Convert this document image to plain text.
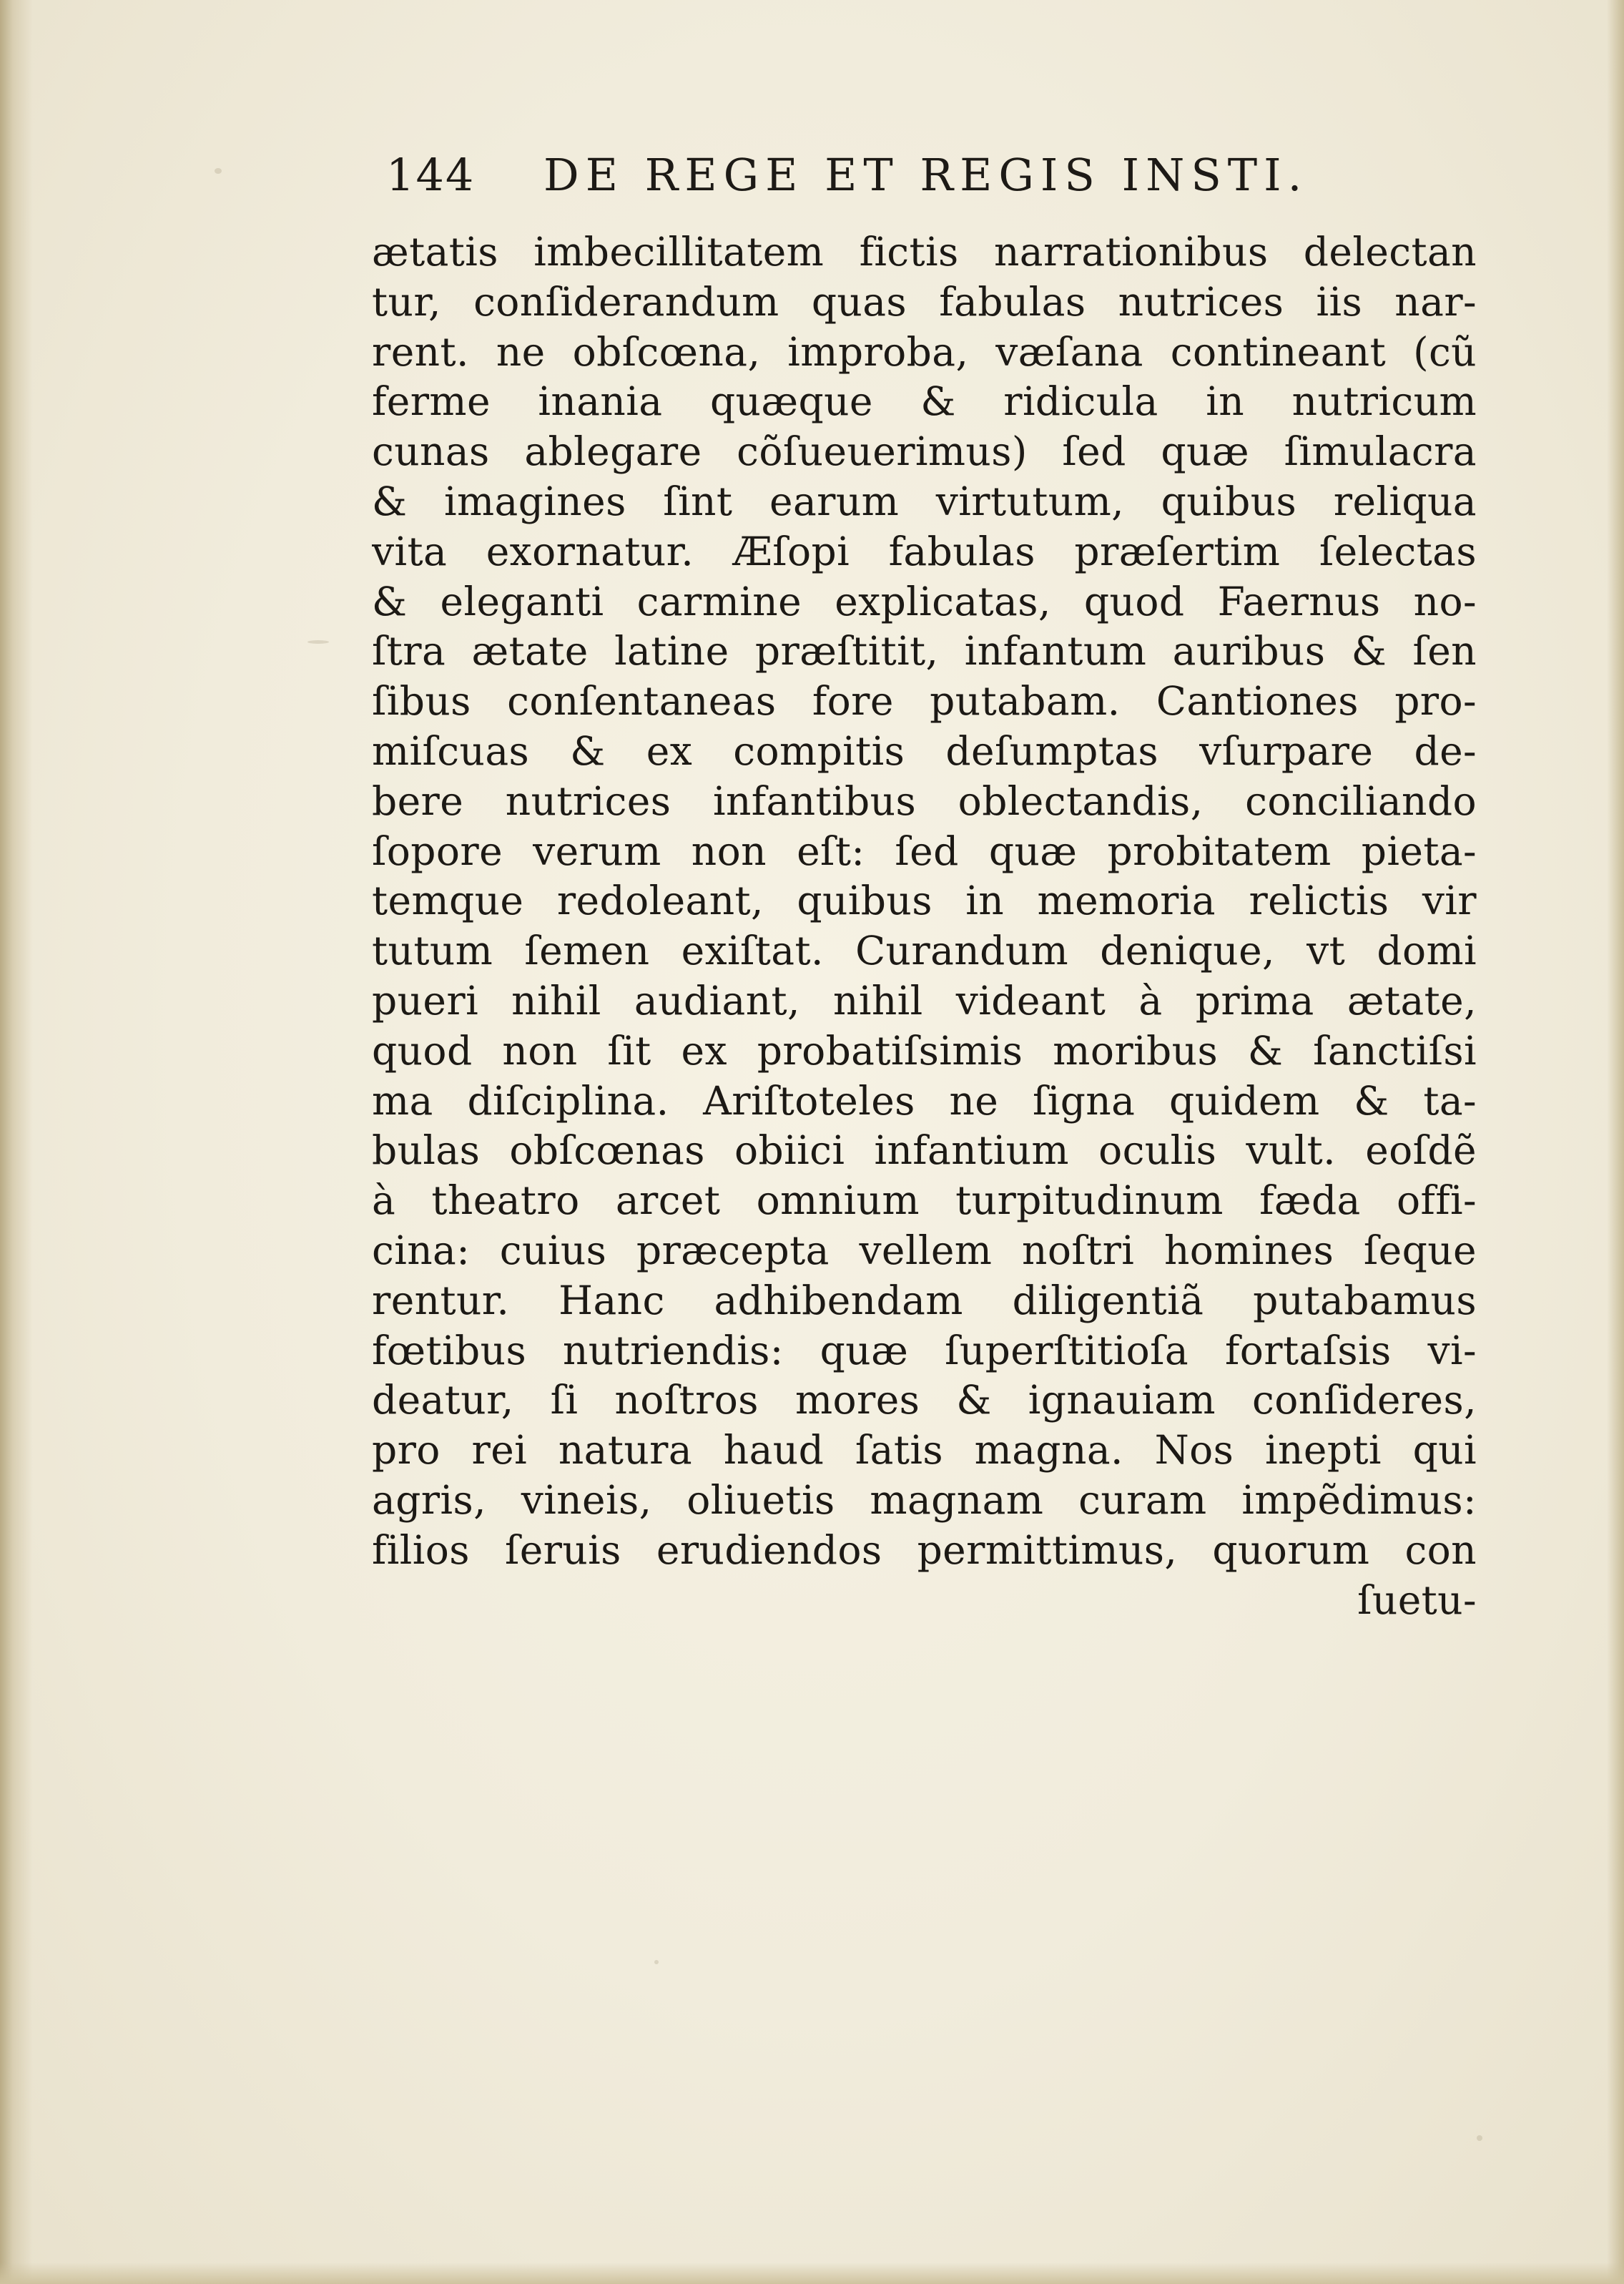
144 DE REGE ET REGIS INSTI.
ætatis imbecillitatem fictis narrationibus delectan
tur, conſiderandum quas fabulas nutrices iis nar-
rent. ne obſcœna, improba, væſana contineant (cũ
ferme inania quæque & ridicula in nutricum
cunas ablegare cõſueuerimus) ſed quæ ſimulacra
& imagines ſint earum virtutum, quibus reliqua
vita exornatur. Æſopi fabulas præſertim ſelectas
& eleganti carmine explicatas, quod Faernus no-
ſtra ætate latine præſtitit, infantum auribus & ſen
ſibus conſentaneas fore putabam. Cantiones pro-
miſcuas & ex compitis deſumptas vſurpare de-
bere nutrices infantibus oblectandis, conciliando
ſopore verum non eſt: ſed quæ probitatem pieta-
temque redoleant, quibus in memoria relictis vir
tutum ſemen exiſtat. Curandum denique, vt domi
pueri nihil audiant, nihil videant à prima ætate,
quod non ſit ex probatiſsimis moribus & ſanctiſsi
ma diſciplina. Ariſtoteles ne ſigna quidem & ta-
bulas obſcœnas obiici infantium oculis vult. eoſdẽ
à theatro arcet omnium turpitudinum fæda offi-
cina: cuius præcepta vellem noſtri homines ſeque
rentur. Hanc adhibendam diligentiã putabamus
fœtibus nutriendis: quæ ſuperſtitioſa fortaſsis vi-
deatur, ſi noſtros mores & ignauiam conſideres,
pro rei natura haud ſatis magna. Nos inepti qui
agris, vineis, oliuetis magnam curam impẽdimus:
filios ſeruis erudiendos permittimus, quorum con
ſuetu-
